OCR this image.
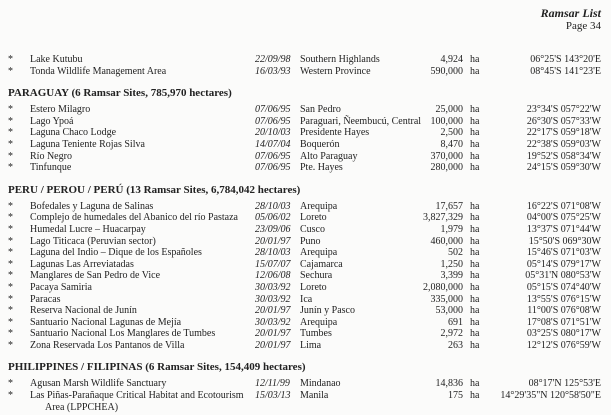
Ramsar List
Page 34
*	Lake Kutubu	22/09/98 Southern Highlands	4,924 ha	06°25'S 143°20'E
*	Tonda Wildlife Management Area	16/03/93 Western Province	590,000 ha	08°45'S 141°23'E
PARAGUAY (6 Ramsar Sites, 785,970 hectares)
*	Estero Milagro	07/06/95 San Pedro	25,000 ha	23°34'S 057°22'W
*	Lago Ypoá	07/06/95 Paraguari, Ñeembucú, Central 100,000 ha	26°30'S 057°33'W
*	Laguna Chaco Lodge	20/10/03 Presidente Hayes	2,500 ha	22°17'S 059°18'W
*	Laguna Teniente Rojas Silva	14/07/04 Boquerón	8,470 ha	22°38'S 059°03'W
*	Río Negro	07/06/95 Alto Paraguay	370,000 ha	19°52'S 058°34'W
*	Tinfunque	07/06/95 Pte. Hayes	280,000 ha	24°15'S 059°30'W
PERU / PEROU / PERÚ (13 Ramsar Sites, 6,784,042 hectares)
*	Bofedales y Laguna de Salinas	28/10/03 Arequipa	17,657 ha	16°22'S 071°08'W
*	Complejo de humedales del Abanico del río Pastaza	05/06/02 Loreto	3,827,329 ha	04°00'S 075°25'W
*	Humedal Lucre – Huacarpay	23/09/06 Cusco	1,979 ha	13°37'S 071°44'W
*	Lago Titicaca (Peruvian sector)	20/01/97 Puno	460,000 ha	15°50'S 069°30W
*	Laguna del Indio – Dique de los Españoles	28/10/03 Arequipa	502 ha	15°46'S 071°03'W
*	Lagunas Las Arreviatadas	15/07/07 Cajamarca	1,250 ha	05°14'S 079°17'W
*	Manglares de San Pedro de Vice	12/06/08 Sechura	3,399 ha	05°31'N 080°53'W
*	Pacaya Samiria	30/03/92 Loreto	2,080,000 ha	05°15'S 074°40'W
*	Paracas	30/03/92 Ica	335,000 ha	13°55'S 076°15'W
*	Reserva Nacional de Junín	20/01/97 Junín y Pasco	53,000 ha	11°00'S 076°08'W
*	Santuario Nacional Lagunas de Mejía	30/03/92 Arequipa	691 ha	17°08'S 071°51'W
*	Santuario Nacional Los Manglares de Tumbes	20/01/97 Tumbes	2,972 ha	03°25'S 080°17'W
*	Zona Reservada Los Pantanos de Villa	20/01/97 Lima	263 ha	12°12'S 076°59'W
PHILIPPINES / FILIPINAS (6 Ramsar Sites, 154,409 hectares)
*	Agusan Marsh Wildlife Sanctuary	12/11/99	Mindanao	14,836 ha	08°17'N 125°53'E
*	Las Piñas-Parañaque Critical Habitat and Ecotourism
Area (LPPCHEA)
15/03/13 Manila	175 ha	14°29'35"N 120°58'50"E
